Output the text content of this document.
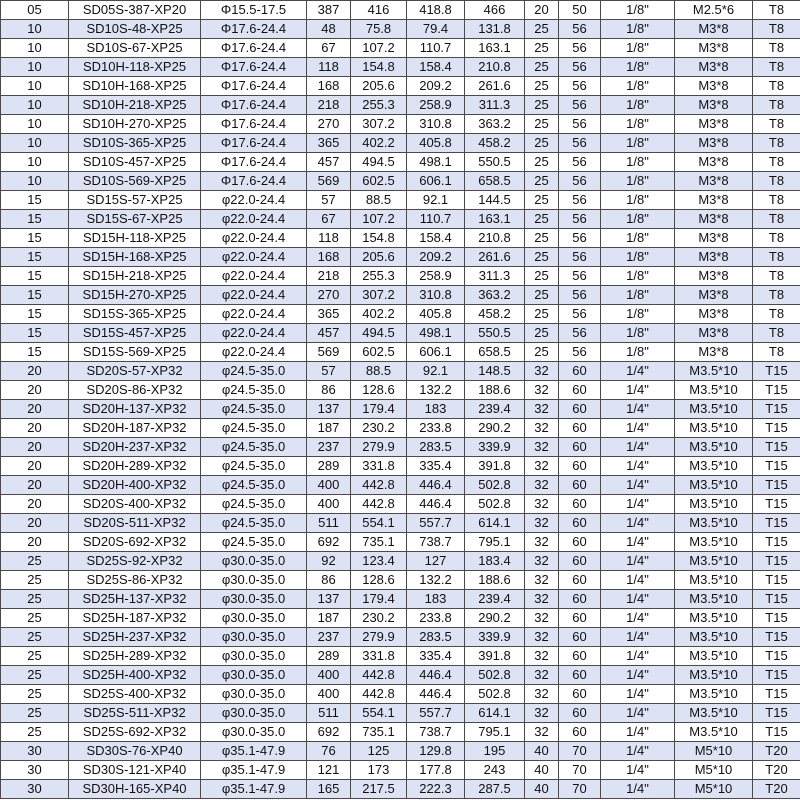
05	SD05S-387-XP20	Φ15.5-17.5	387	416	418.8	466	20	50	1/8"	M2.5*6	T8
10	SD10S-48-XP25	Φ17.6-24.4	48	75.8	79.4	131.8	25	56	1/8"	M3*8	T8
10	SD10S-67-XP25	Φ17.6-24.4	67	107.2	110.7	163.1	25	56	1/8"	M3*8	T8
10	SD10H-118-XP25	Φ17.6-24.4	118	154.8	158.4	210.8	25	56	1/8"	M3*8	T8
10	SD10H-168-XP25	Φ17.6-24.4	168	205.6	209.2	261.6	25	56	1/8"	M3*8	T8
10	SD10H-218-XP25	Φ17.6-24.4	218	255.3	258.9	311.3	25	56	1/8"	M3*8	T8
10	SD10H-270-XP25	Φ17.6-24.4	270	307.2	310.8	363.2	25	56	1/8"	M3*8	T8
10	SD10S-365-XP25	Φ17.6-24.4	365	402.2	405.8	458.2	25	56	1/8"	M3*8	T8
10	SD10S-457-XP25	Φ17.6-24.4	457	494.5	498.1	550.5	25	56	1/8"	M3*8	T8
10	SD10S-569-XP25	Φ17.6-24.4	569	602.5	606.1	658.5	25	56	1/8"	M3*8	T8
15	SD15S-57-XP25	φ22.0-24.4	57	88.5	92.1	144.5	25	56	1/8"	M3*8	T8
15	SD15S-67-XP25	φ22.0-24.4	67	107.2	110.7	163.1	25	56	1/8"	M3*8	T8
15	SD15H-118-XP25	φ22.0-24.4	118	154.8	158.4	210.8	25	56	1/8"	M3*8	T8
15	SD15H-168-XP25	φ22.0-24.4	168	205.6	209.2	261.6	25	56	1/8"	M3*8	T8
15	SD15H-218-XP25	φ22.0-24.4	218	255.3	258.9	311.3	25	56	1/8"	M3*8	T8
15	SD15H-270-XP25	φ22.0-24.4	270	307.2	310.8	363.2	25	56	1/8"	M3*8	T8
15	SD15S-365-XP25	φ22.0-24.4	365	402.2	405.8	458.2	25	56	1/8"	M3*8	T8
15	SD15S-457-XP25	φ22.0-24.4	457	494.5	498.1	550.5	25	56	1/8"	M3*8	T8
15	SD15S-569-XP25	φ22.0-24.4	569	602.5	606.1	658.5	25	56	1/8"	M3*8	T8
20	SD20S-57-XP32	φ24.5-35.0	57	88.5	92.1	148.5	32	60	1/4"	M3.5*10	T15
20	SD20S-86-XP32	φ24.5-35.0	86	128.6	132.2	188.6	32	60	1/4"	M3.5*10	T15
20	SD20H-137-XP32	φ24.5-35.0	137	179.4	183	239.4	32	60	1/4"	M3.5*10	T15
20	SD20H-187-XP32	φ24.5-35.0	187	230.2	233.8	290.2	32	60	1/4"	M3.5*10	T15
20	SD20H-237-XP32	φ24.5-35.0	237	279.9	283.5	339.9	32	60	1/4"	M3.5*10	T15
20	SD20H-289-XP32	φ24.5-35.0	289	331.8	335.4	391.8	32	60	1/4"	M3.5*10	T15
20	SD20H-400-XP32	φ24.5-35.0	400	442.8	446.4	502.8	32	60	1/4"	M3.5*10	T15
20	SD20S-400-XP32	φ24.5-35.0	400	442.8	446.4	502.8	32	60	1/4"	M3.5*10	T15
20	SD20S-511-XP32	φ24.5-35.0	511	554.1	557.7	614.1	32	60	1/4"	M3.5*10	T15
20	SD20S-692-XP32	φ24.5-35.0	692	735.1	738.7	795.1	32	60	1/4"	M3.5*10	T15
25	SD25S-92-XP32	φ30.0-35.0	92	123.4	127	183.4	32	60	1/4"	M3.5*10	T15
25	SD25S-86-XP32	φ30.0-35.0	86	128.6	132.2	188.6	32	60	1/4"	M3.5*10	T15
25	SD25H-137-XP32	φ30.0-35.0	137	179.4	183	239.4	32	60	1/4"	M3.5*10	T15
25	SD25H-187-XP32	φ30.0-35.0	187	230.2	233.8	290.2	32	60	1/4"	M3.5*10	T15
25	SD25H-237-XP32	φ30.0-35.0	237	279.9	283.5	339.9	32	60	1/4"	M3.5*10	T15
25	SD25H-289-XP32	φ30.0-35.0	289	331.8	335.4	391.8	32	60	1/4"	M3.5*10	T15
25	SD25H-400-XP32	φ30.0-35.0	400	442.8	446.4	502.8	32	60	1/4"	M3.5*10	T15
25	SD25S-400-XP32	φ30.0-35.0	400	442.8	446.4	502.8	32	60	1/4"	M3.5*10	T15
25	SD25S-511-XP32	φ30.0-35.0	511	554.1	557.7	614.1	32	60	1/4"	M3.5*10	T15
25	SD25S-692-XP32	φ30.0-35.0	692	735.1	738.7	795.1	32	60	1/4"	M3.5*10	T15
30	SD30S-76-XP40	φ35.1-47.9	76	125	129.8	195	40	70	1/4"	M5*10	T20
30	SD30S-121-XP40	φ35.1-47.9	121	173	177.8	243	40	70	1/4"	M5*10	T20
30	SD30H-165-XP40	φ35.1-47.9	165	217.5	222.3	287.5	40	70	1/4"	M5*10	T20
